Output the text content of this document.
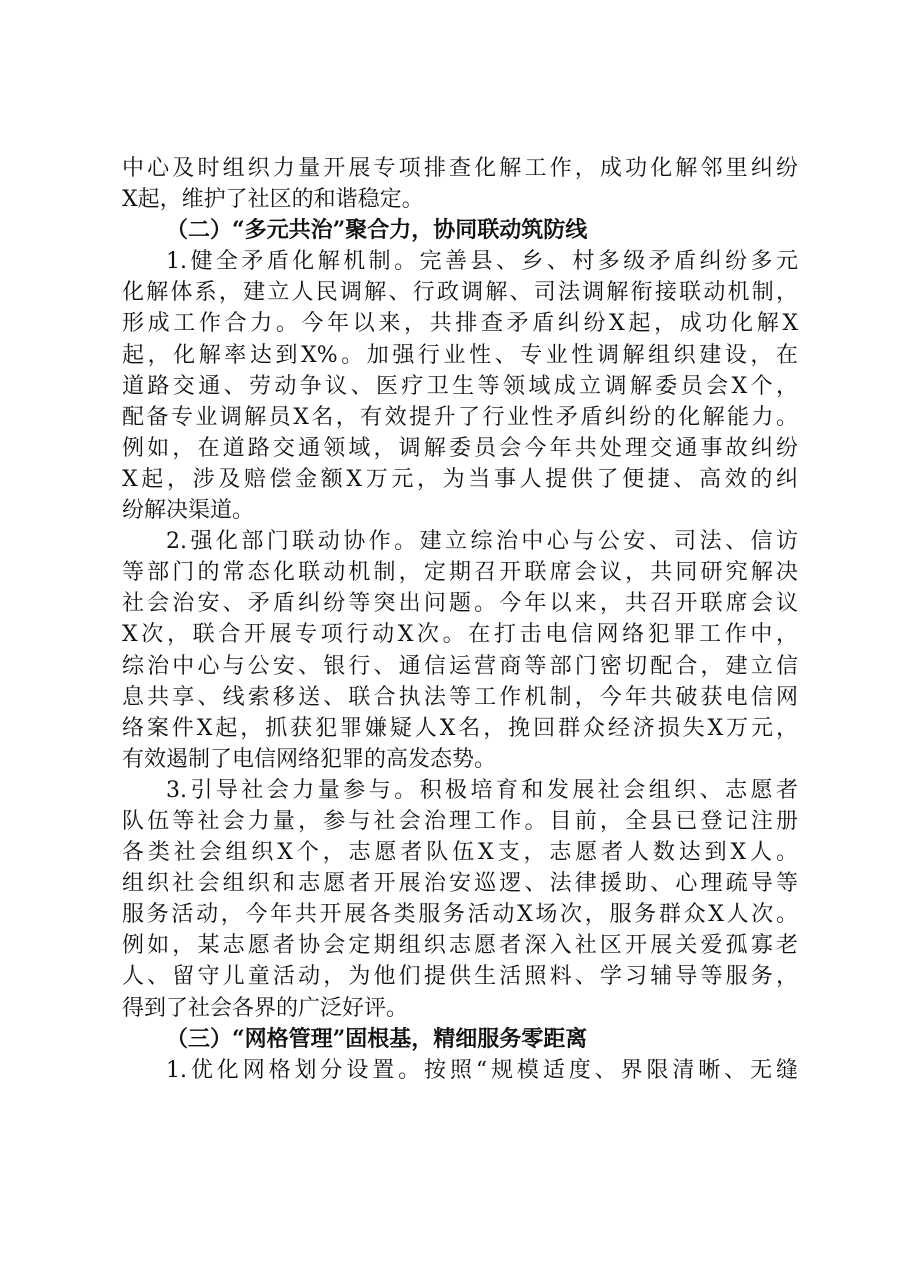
中心及时组织力量开展专项排查化解工作，成功化解邻里纠纷
X起，维护了社区的和谐稳定。
（二）“多元共治”聚合力，协同联动筑防线
1.健全矛盾化解机制。完善县、乡、村多级矛盾纠纷多元
化解体系，建立人民调解、行政调解、司法调解衔接联动机制，
形成工作合力。今年以来，共排查矛盾纠纷X起，成功化解X
起，化解率达到X%。加强行业性、专业性调解组织建设，在
道路交通、劳动争议、医疗卫生等领域成立调解委员会X个，
配备专业调解员X名，有效提升了行业性矛盾纠纷的化解能力。
例如，在道路交通领域，调解委员会今年共处理交通事故纠纷
X起，涉及赔偿金额X万元，为当事人提供了便捷、高效的纠
纷解决渠道。
2.强化部门联动协作。建立综治中心与公安、司法、信访
等部门的常态化联动机制，定期召开联席会议，共同研究解决
社会治安、矛盾纠纷等突出问题。今年以来，共召开联席会议
X次，联合开展专项行动X次。在打击电信网络犯罪工作中，
综治中心与公安、银行、通信运营商等部门密切配合，建立信
息共享、线索移送、联合执法等工作机制，今年共破获电信网
络案件X起，抓获犯罪嫌疑人X名，挽回群众经济损失X万元，
有效遏制了电信网络犯罪的高发态势。
3.引导社会力量参与。积极培育和发展社会组织、志愿者
队伍等社会力量，参与社会治理工作。目前，全县已登记注册
各类社会组织X个，志愿者队伍X支，志愿者人数达到X人。
组织社会组织和志愿者开展治安巡逻、法律援助、心理疏导等
服务活动，今年共开展各类服务活动X场次，服务群众X人次。
例如，某志愿者协会定期组织志愿者深入社区开展关爱孤寡老
人、留守儿童活动，为他们提供生活照料、学习辅导等服务，
得到了社会各界的广泛好评。
（三）“网格管理”固根基，精细服务零距离
1.优化网格划分设置。按照“规模适度、界限清晰、无缝
